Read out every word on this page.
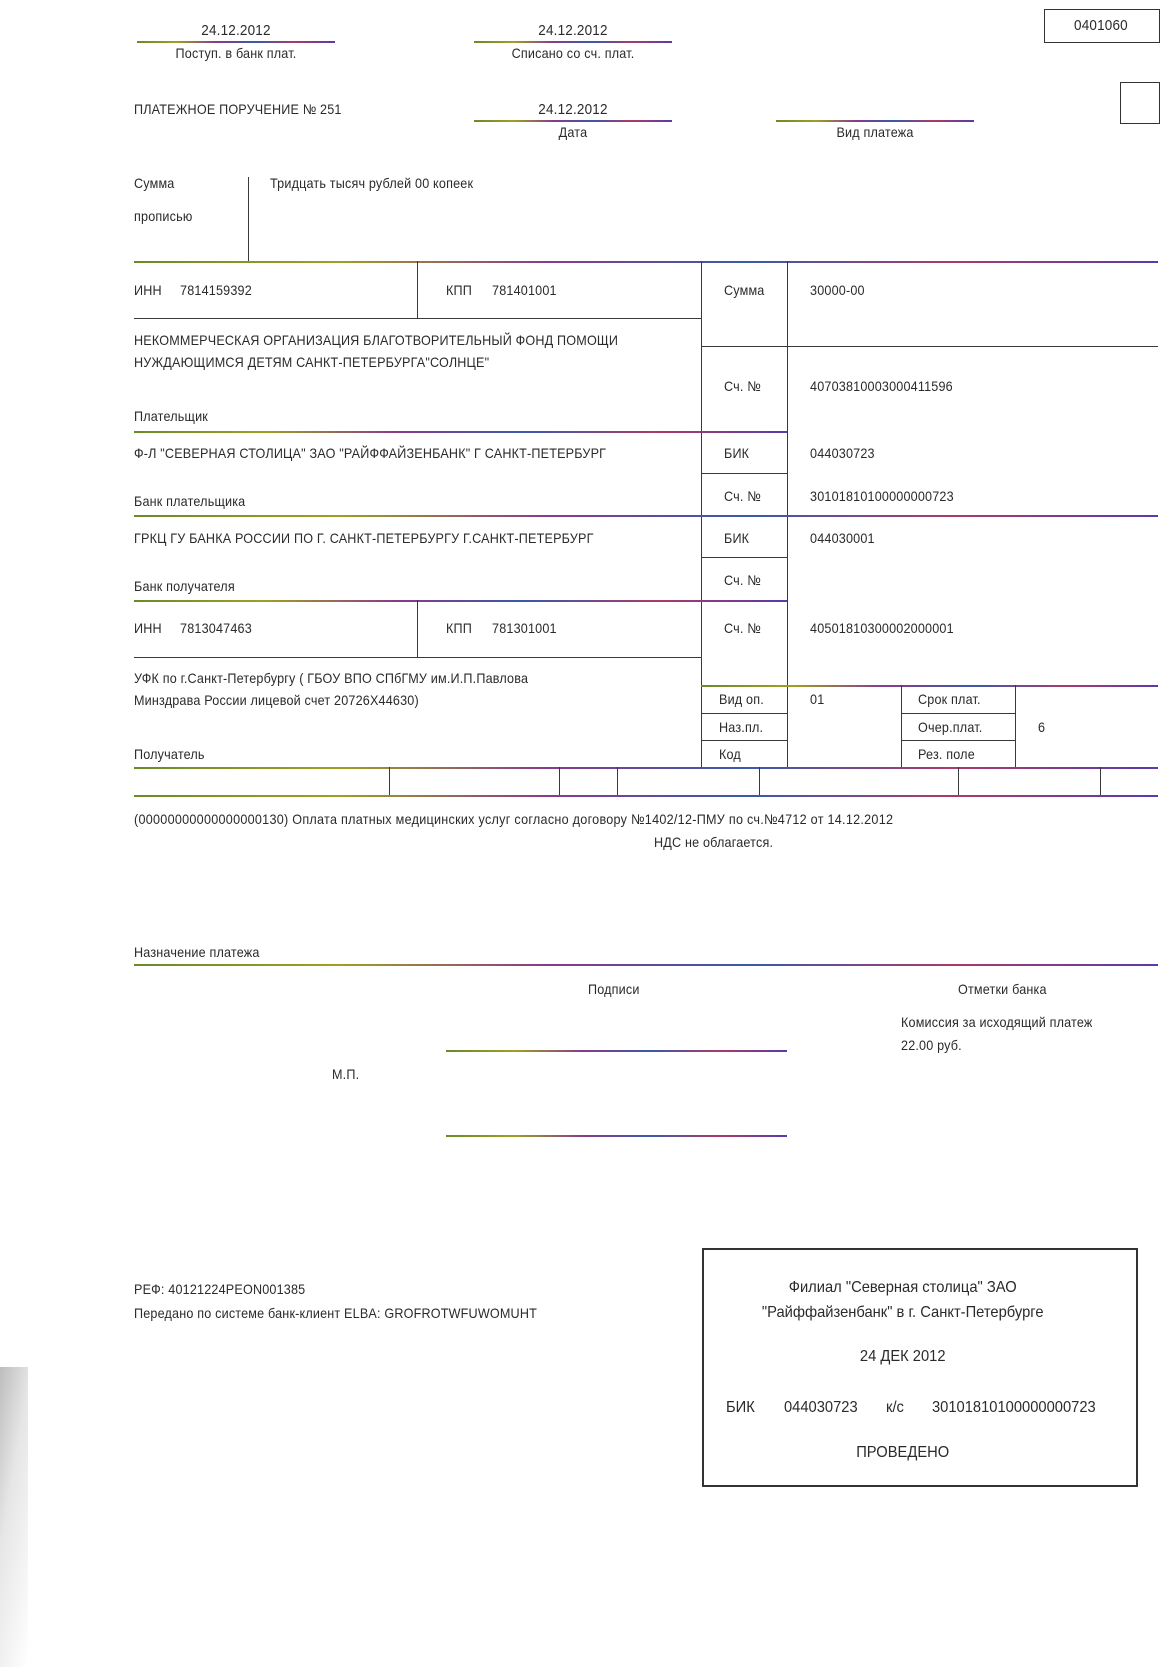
0401060
24.12.2012
Поступ. в банк плат.
24.12.2012
Списано со сч. плат.
ПЛАТЕЖНОЕ ПОРУЧЕНИЕ № 251	24.12.2012
Дата	Вид платежа
Сумма
прописью
Тридцать тысяч рублей 00 копеек
ИНН 7814159392	КПП 781401001	Сумма	30000-00
НЕКОММЕРЧЕСКАЯ ОРГАНИЗАЦИЯ БЛАГОТВОРИТЕЛЬНЫЙ ФОНД ПОМОЩИ
НУЖДАЮЩИМСЯ ДЕТЯМ САНКТ-ПЕТЕРБУРГА"СОЛНЦЕ"
Плательщик
Сч. №	40703810003000411596
Ф-Л "СЕВЕРНАЯ СТОЛИЦА" ЗАО "РАЙФФАЙЗЕНБАНК" Г САНКТ-ПЕТЕРБУРГ
Банк плательщика
БИК	044030723
Сч. №	30101810100000000723
ГРКЦ ГУ БАНКА РОССИИ ПО Г. САНКТ-ПЕТЕРБУРГУ Г.САНКТ-ПЕТЕРБУРГ
Банк получателя
БИК	044030001
Сч. №
ИНН 7813047463	КПП 781301001	Сч. №	40501810300002000001
УФК по г.Санкт-Петербургу ( ГБОУ ВПО СПбГМУ им.И.П.Павлова
Минздрава России лицевой счет 20726X44630)
Получатель
Вид оп.	01
Наз.пл.
Код
Срок плат.
Очер.плат.	6
Рез. поле
(00000000000000000130) Оплата платных медицинских услуг согласно договору №1402/12-ПМУ по сч.№4712 от 14.12.2012
НДС не облагается.
Назначение платежа
Подписи
М.П.
Отметки банка
Комиссия за исходящий платеж
22.00 руб.
РЕФ: 40121224PEON001385
Передано по системе банк-клиент ELBA: GROFROTWFUWOMUHT
Филиал "Северная столица" ЗАО
"Райффайзенбанк" в г. Санкт-Петербурге
24 ДЕК 2012
БИК 044030723 к/с 30101810100000000723
ПРОВЕДЕНО
